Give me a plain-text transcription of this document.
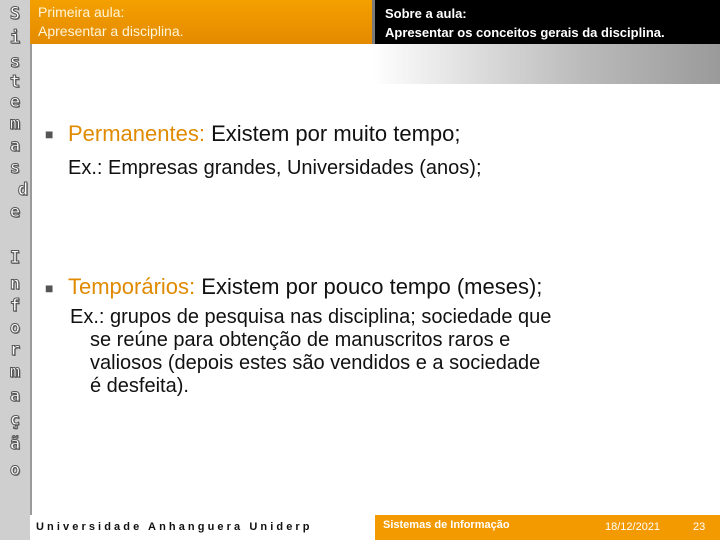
S
i
s
t
e
m
a
s
d
e
I
n
f
o
r
m
a
ç
ã
o
Primeira aula:
Apresentar a disciplina.
Sobre a aula:
Apresentar os conceitos gerais da disciplina.
■ Permanentes: Existem por muito tempo;
Ex.: Empresas grandes, Universidades (anos);
■ Temporários: Existem por pouco tempo (meses);
Ex.: grupos de pesquisa nas disciplina; sociedade que
se reúne para obtenção de manuscritos raros e
valiosos (depois estes são vendidos e a sociedade
é desfeita).
Universidade Anhanguera Uniderp	Sistemas de Informação	18/12/2021	23
